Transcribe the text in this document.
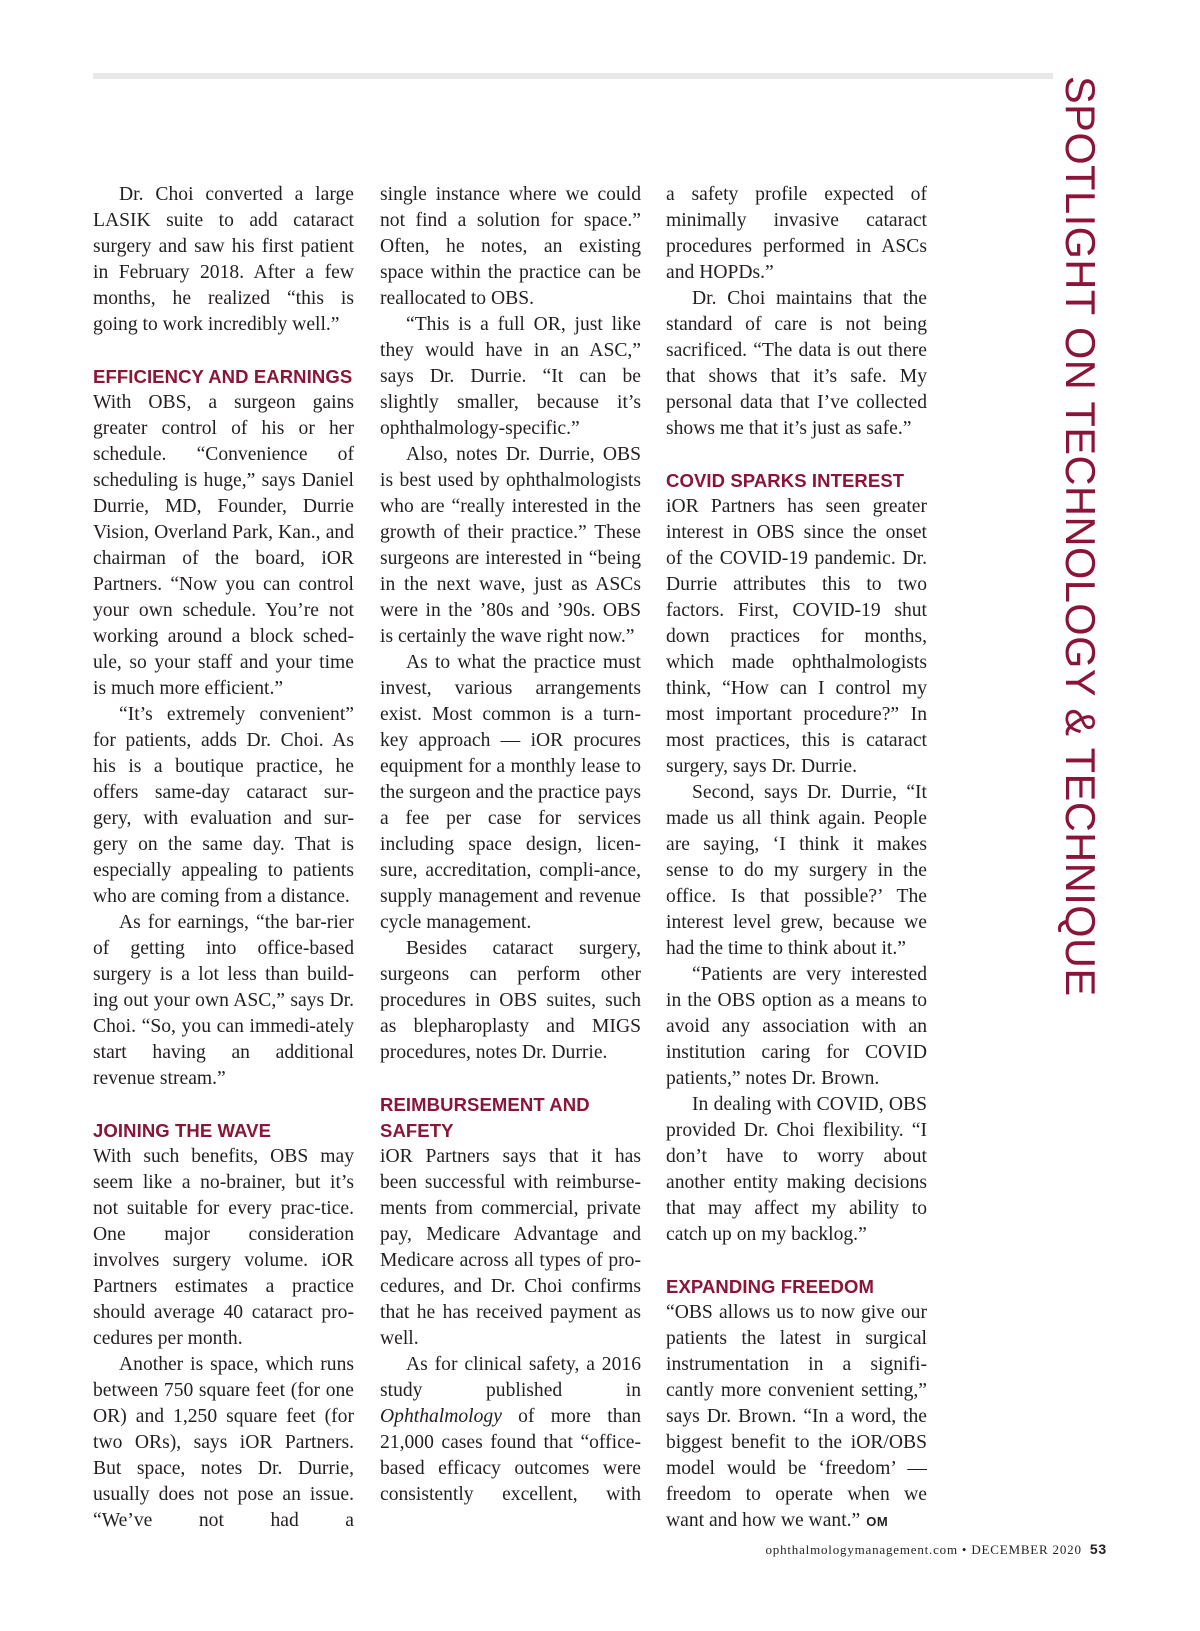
SPOTLIGHT ON TECHNOLOGY & TECHNIQUE

Dr. Choi converted a large LASIK suite to add cataract surgery and saw his first patient in February 2018. After a few months, he realized “this is going to work incredibly well.”

EFFICIENCY AND EARNINGS

With OBS, a surgeon gains greater control of his or her schedule. “Convenience of scheduling is huge,” says Daniel Durrie, MD, Founder, Durrie Vision, Overland Park, Kan., and chairman of the board, iOR Partners. “Now you can control your own schedule. You’re not working around a block sched-ule, so your staff and your time is much more efficient.”

“It’s extremely convenient” for patients, adds Dr. Choi. As his is a boutique practice, he offers same-day cataract sur-gery, with evaluation and sur-gery on the same day. That is especially appealing to patients who are coming from a distance.

As for earnings, “the bar-rier of getting into office-based surgery is a lot less than build-ing out your own ASC,” says Dr. Choi. “So, you can immedi-ately start having an additional revenue stream.”

JOINING THE WAVE

With such benefits, OBS may seem like a no-brainer, but it’s not suitable for every prac-tice. One major consideration involves surgery volume. iOR Partners estimates a practice should average 40 cataract pro-cedures per month.

Another is space, which runs between 750 square feet (for one OR) and 1,250 square feet (for two ORs), says iOR Partners. But space, notes Dr. Durrie, usually does not pose an issue. “We’ve not had a

single instance where we could not find a solution for space.” Often, he notes, an existing space within the practice can be reallocated to OBS.

“This is a full OR, just like they would have in an ASC,” says Dr. Durrie. “It can be slightly smaller, because it’s ophthalmology-specific.”

Also, notes Dr. Durrie, OBS is best used by ophthalmologists who are “really interested in the growth of their practice.” These surgeons are interested in “being in the next wave, just as ASCs were in the ’80s and ’90s. OBS is certainly the wave right now.”

As to what the practice must invest, various arrangements exist. Most common is a turn-key approach — iOR procures equipment for a monthly lease to the surgeon and the practice pays a fee per case for services including space design, licen-sure, accreditation, compli-ance, supply management and revenue cycle management.

Besides cataract surgery, surgeons can perform other procedures in OBS suites, such as blepharoplasty and MIGS procedures, notes Dr. Durrie.

REIMBURSEMENT AND SAFETY

iOR Partners says that it has been successful with reimburse-ments from commercial, private pay, Medicare Advantage and Medicare across all types of pro-cedures, and Dr. Choi confirms that he has received payment as well.

As for clinical safety, a 2016 study published in Ophthalmology of more than 21,000 cases found that “office-based efficacy outcomes were consistently excellent, with

a safety profile expected of minimally invasive cataract procedures performed in ASCs and HOPDs.”

Dr. Choi maintains that the standard of care is not being sacrificed. “The data is out there that shows that it’s safe. My personal data that I’ve collected shows me that it’s just as safe.”

COVID SPARKS INTEREST

iOR Partners has seen greater interest in OBS since the onset of the COVID-19 pandemic. Dr. Durrie attributes this to two factors. First, COVID-19 shut down practices for months, which made ophthalmologists think, “How can I control my most important procedure?” In most practices, this is cataract surgery, says Dr. Durrie.

Second, says Dr. Durrie, “It made us all think again. People are saying, ‘I think it makes sense to do my surgery in the office. Is that possible?’ The interest level grew, because we had the time to think about it.”

“Patients are very interested in the OBS option as a means to avoid any association with an institution caring for COVID patients,” notes Dr. Brown.

In dealing with COVID, OBS provided Dr. Choi flexibility. “I don’t have to worry about another entity making decisions that may affect my ability to catch up on my backlog.”

EXPANDING FREEDOM

“OBS allows us to now give our patients the latest in surgical instrumentation in a signifi-cantly more convenient setting,” says Dr. Brown. “In a word, the biggest benefit to the iOR/OBS model would be ‘freedom’ — freedom to operate when we want and how we want.” OM

ophthalmologymanagement.com • DECEMBER 2020 53
